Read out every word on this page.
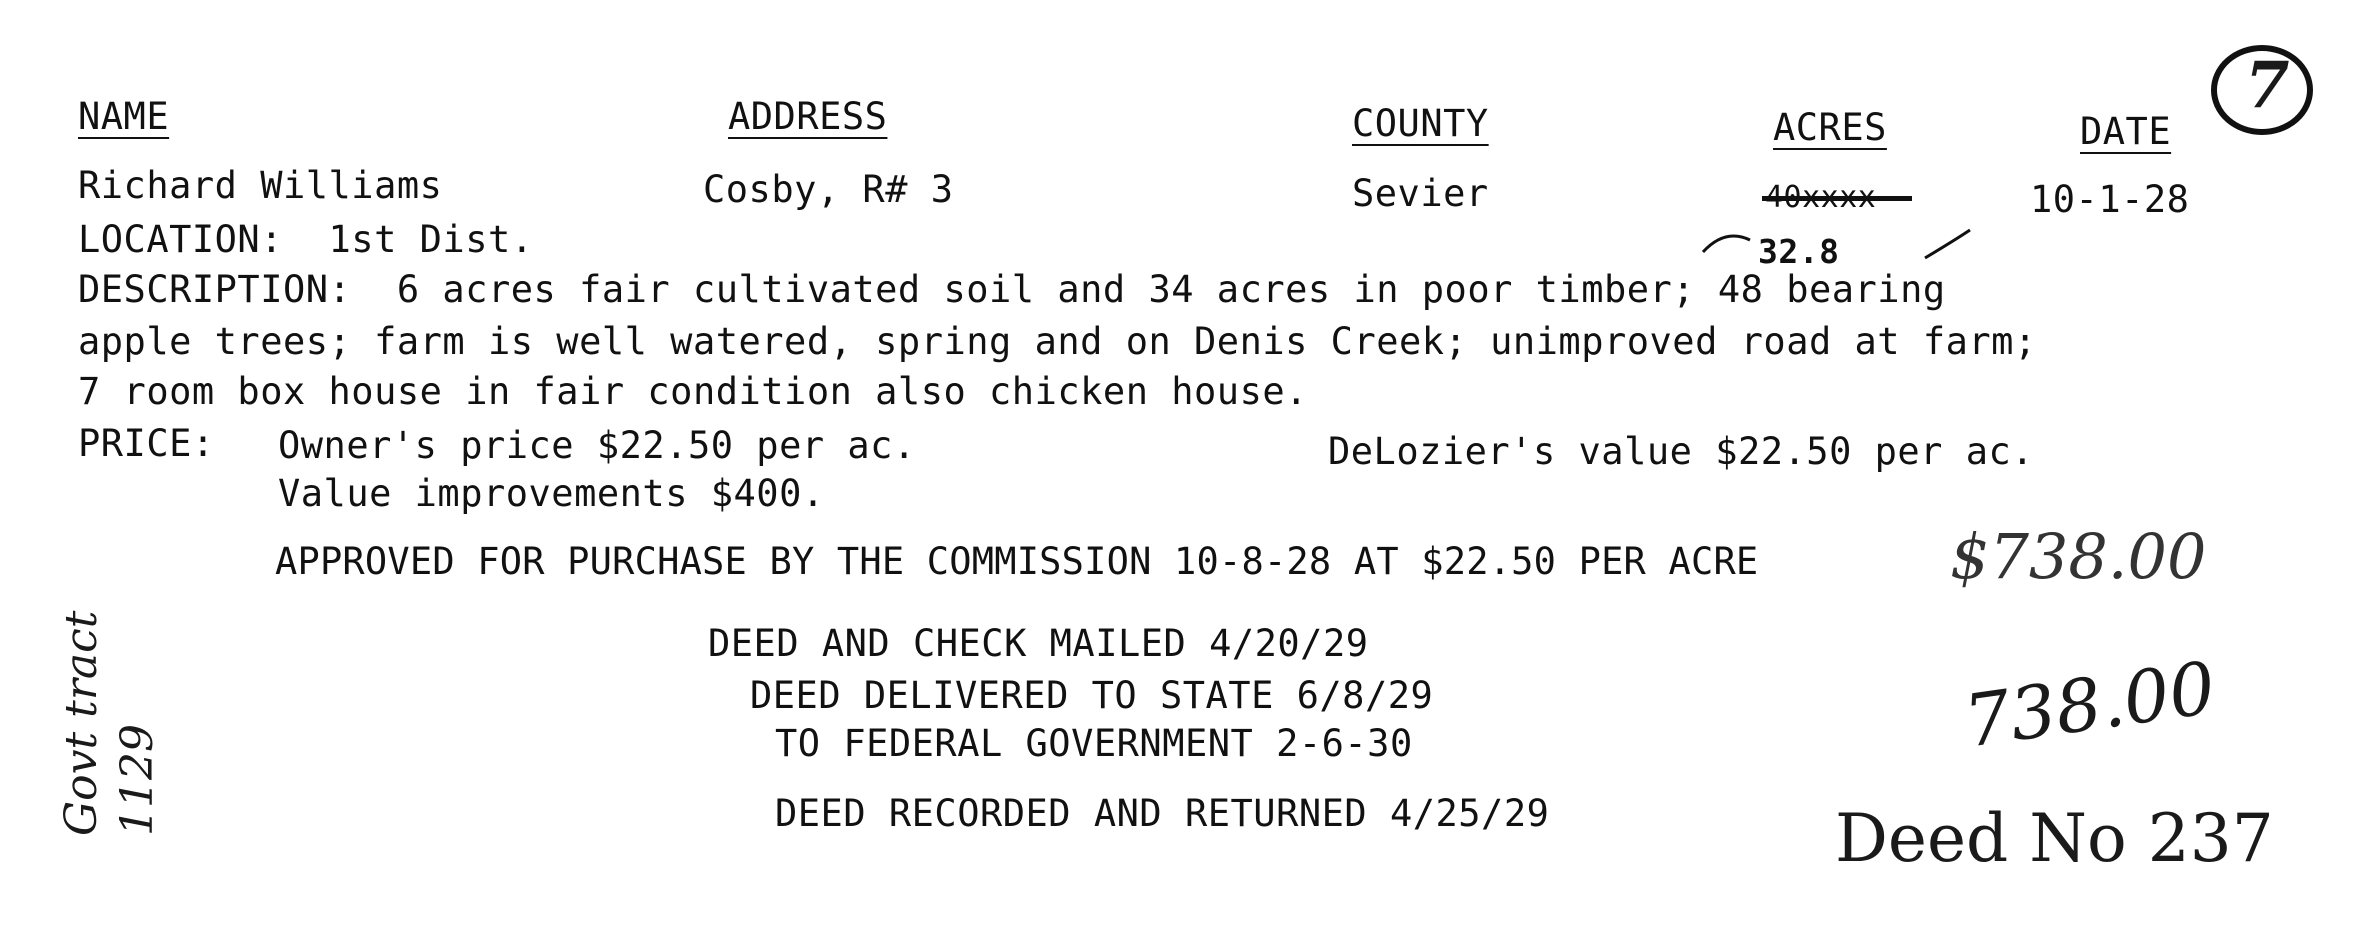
7
NAME	ADDRESS	COUNTY	ACRES	DATE
Richard Williams	Cosby, R# 3	Sevier	40xxxx	10-1-28
32.8
LOCATION:  1st Dist.
DESCRIPTION:  6 acres fair cultivated soil and 34 acres in poor timber; 48 bearing
apple trees; farm is well watered, spring and on Denis Creek; unimproved road at farm;
7 room box house in fair condition also chicken house.
PRICE: Owner's price $22.50 per ac.	DeLozier's value $22.50 per ac.
Value improvements $400.
APPROVED FOR PURCHASE BY THE COMMISSION 10-8-28 AT $22.50 PER ACRE	$738.00
Govt tract 1129
DEED AND CHECK MAILED 4/20/29
DEED DELIVERED TO STATE 6/8/29
TO FEDERAL GOVERNMENT 2-6-30
DEED RECORDED AND RETURNED 4/25/29
738.00
Deed No 237
